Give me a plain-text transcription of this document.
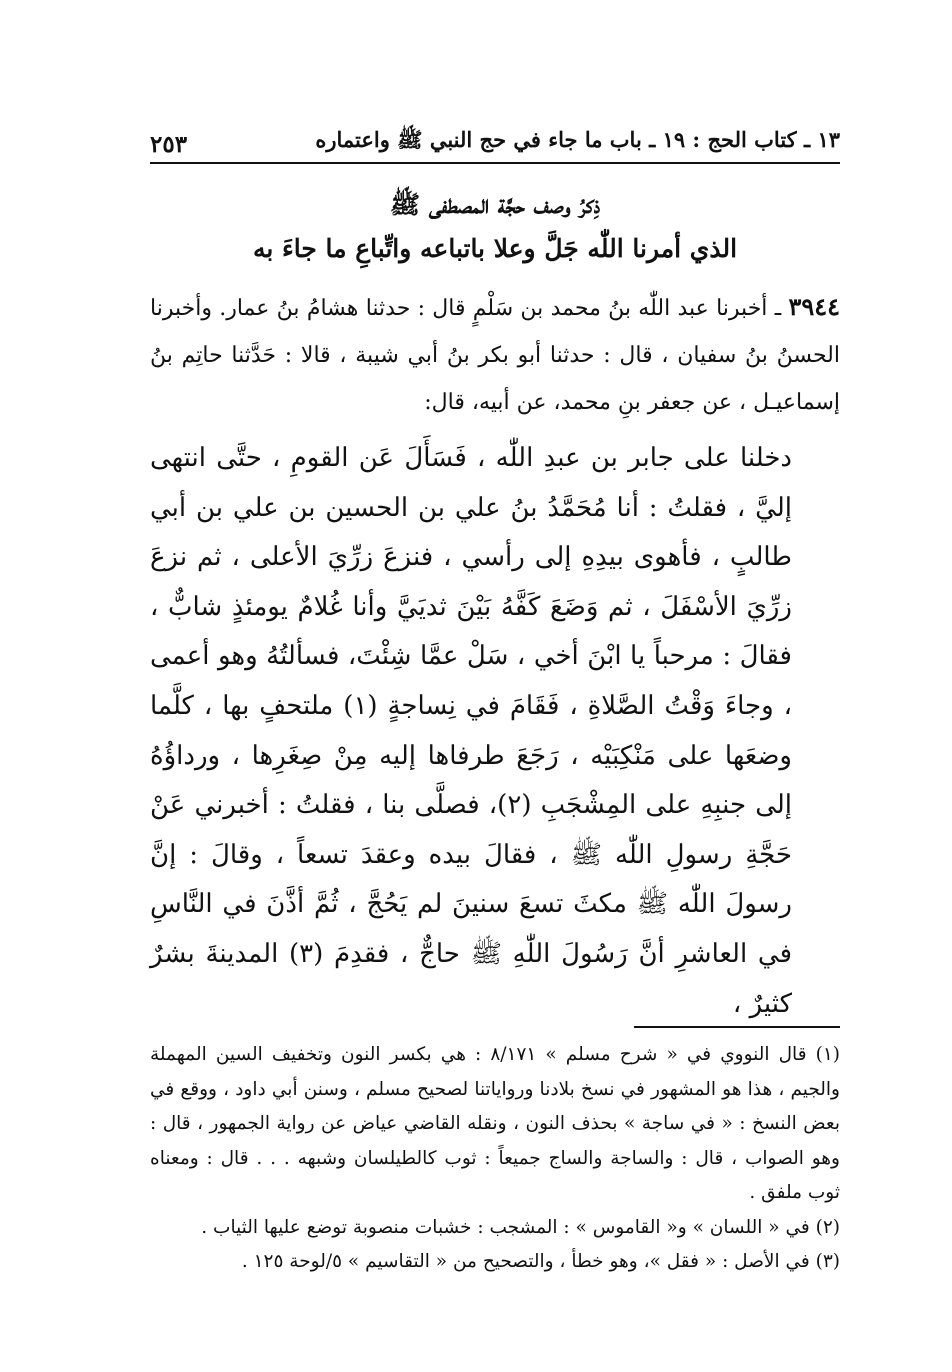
١٣ ـ كتاب الحج : ١٩ ـ باب ما جاء في حج النبي ﷺ واعتماره
٢٥٣
ذِكرُ وصف حجَّة المصطفى ﷺ
الذي أمرنا اللّٰه جَلَّ وعلا باتباعه واتِّباعِ ما جاءَ به
٣٩٤٤ ـ أخبرنا عبد اللّٰه بنُ محمد بن سَلْمٍ قال : حدثنا هشامُ بنُ عمار. وأخبرنا الحسنُ بنُ سفيان ، قال : حدثنا أبو بكر بنُ أبي شيبة ، قالا : حَدَّثنا حاتِم بنُ إسماعيـل ، عن جعفر بنِ محمد، عن أبيه، قال:
دخلنا على جابر بن عبدِ اللّٰه ، فَسَأَلَ عَن القومِ ، حتَّى انتهى إليَّ ، فقلتُ : أنا مُحَمَّدُ بنُ علي بن الحسين بن علي بن أبي طالبٍ ، فأهوى بيدِهِ إلى رأسي ، فنزعَ زرِّيَ الأعلى ، ثم نزعَ زرِّيَ الأسْفَلَ ، ثم وَضَعَ كَفَّهُ بَيْنَ ثديَيَّ وأنا غُلامٌ يومئذٍ شابٌّ ، فقالَ : مرحباً يا ابْنَ أخي ، سَلْ عمَّا شِئْتَ، فسألتُهُ وهو أعمى ، وجاءَ وَقْتُ الصَّلاةِ ، فَقَامَ في نِساجةٍ (١) ملتحفٍ بها ، كلَّما وضعَها على مَنْكِبَيْه ، رَجَعَ طرفاها إليه مِنْ صِغَرِها ، ورداؤُهُ إلى جنبِهِ على المِشْجَبِ (٢)، فصلَّى بنا ، فقلتُ : أخبرني عَنْ حَجَّةِ رسولِ اللّٰه ﷺ ، فقالَ بيده وعقدَ تسعاً ، وقالَ : إنَّ رسولَ اللّٰه ﷺ مكثَ تسعَ سنينَ لم يَحُجَّ ، ثُمَّ أذَّنَ في النَّاسِ في العاشرِ أنَّ رَسُولَ اللّٰهِ ﷺ حاجٌّ ، فقدِمَ (٣) المدينةَ بشرٌ كثيرٌ ،
(١) قال النووي في « شرح مسلم » ٨/١٧١ : هي بكسر النون وتخفيف السين المهملة والجيم ، هذا هو المشهور في نسخ بلادنا ورواياتنا لصحيح مسلم ، وسنن أبي داود ، ووقع في بعض النسخ : « في ساجة » بحذف النون ، ونقله القاضي عياض عن رواية الجمهور ، قال : وهو الصواب ، قال : والساجة والساج جميعاً : ثوب كالطيلسان وشبهه . . . قال : ومعناه ثوب ملفق .
(٢) في « اللسان » و« القاموس » : المشجب : خشبات منصوبة توضع عليها الثياب .
(٣) في الأصل : « فقل »، وهو خطأ ، والتصحيح من « التقاسيم » ٥/لوحة ١٢٥ .
